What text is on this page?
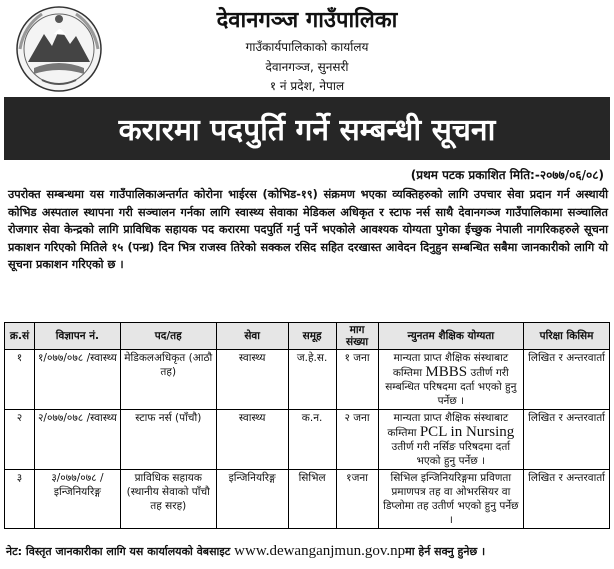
देवानगञ्ज गाउँपालिका
गाउँकार्यपालिकाको कार्यालय
देवानगञ्ज, सुनसरी
१ नं प्रदेश, नेपाल
करारमा पदपुर्ति गर्ने सम्बन्धी सूचना
(प्रथम पटक प्रकाशित मिति:-२०७७/०६/०८)
उपरोक्त सम्बन्धमा यस गाउँपालिकाअन्तर्गत कोरोना भाईरस (कोभिड-१९) संक्रमण भएका व्यक्तिहरुको लागि उपचार सेवा प्रदान गर्न अस्थायी कोभिड अस्पताल स्थापना गरी सञ्चालन गर्नका लागि स्वास्थ्य सेवाका मेडिकल अधिकृत र स्टाफ नर्स साथै देवानगञ्ज गाउँपालिकामा सञ्चालित रोजगार सेवा केन्द्रको लागि प्राविधिक सहायक पद करारमा पदपुर्ति गर्नु पर्ने भएकोले आवश्यक योग्यता पुगेका ईच्छुक नेपाली नागरिकहरुले सूचना प्रकाशन गरिएको मितिले १५ (पन्ध्र) दिन भित्र राजस्व तिरेको सक्कल रसिद सहित दरखास्त आवेदन दिनुहुन सम्बन्धित सबैमा जानकारीको लागि यो सूचना प्रकाशन गरिएको छ ।
क्र.सं	विज्ञापन नं.	पद/तह	सेवा	समूह	माग संख्या	न्युनतम शैक्षिक योग्यता	परिक्षा किसिम
१	१/०७७/०७८ /स्वास्थ्य	मेडिकलअधिकृत (आठौ तह)	स्वास्थ्य	ज.हे.स.	१ जना	मान्यता प्राप्त शैक्षिक संस्थाबाट कम्तिमा MBBS उतीर्ण गरी सम्बन्धित परिषदमा दर्ता भएको हुनु पर्नेछ ।	लिखित र अन्तरवार्ता
२	२/०७७/०७८ /स्वास्थ्य	स्टाफ नर्स (पाँचौ)	स्वास्थ्य	क.न.	२ जना	मान्यता प्राप्त शैक्षिक संस्थाबाट कम्तिमा PCL in Nursing उतीर्ण गरी नर्सिङ परिषदमा दर्ता भएको हुनु पर्नेछ ।	लिखित र अन्तरवार्ता
३	३/०७७/०७८ /इन्जिनियरिङ्ग	प्राविधिक सहायक (स्थानीय सेवाको पाँचौ तह सरह)	इन्जिनियरिङ्ग	सिभिल	१जना	सिभिल इन्जिनियरिङ्गमा प्रविणता प्रमाणपत्र तह वा ओभरसियर वा डिप्लोमा तह उतीर्ण भएको हुनु पर्नेछ ।	लिखित र अन्तरवार्ता
नेट: विस्तृत जानकारीका लागि यस कार्यालयको वेबसाइट www.dewanganjmun.gov.npमा हेर्न सक्नु हुनेछ ।
